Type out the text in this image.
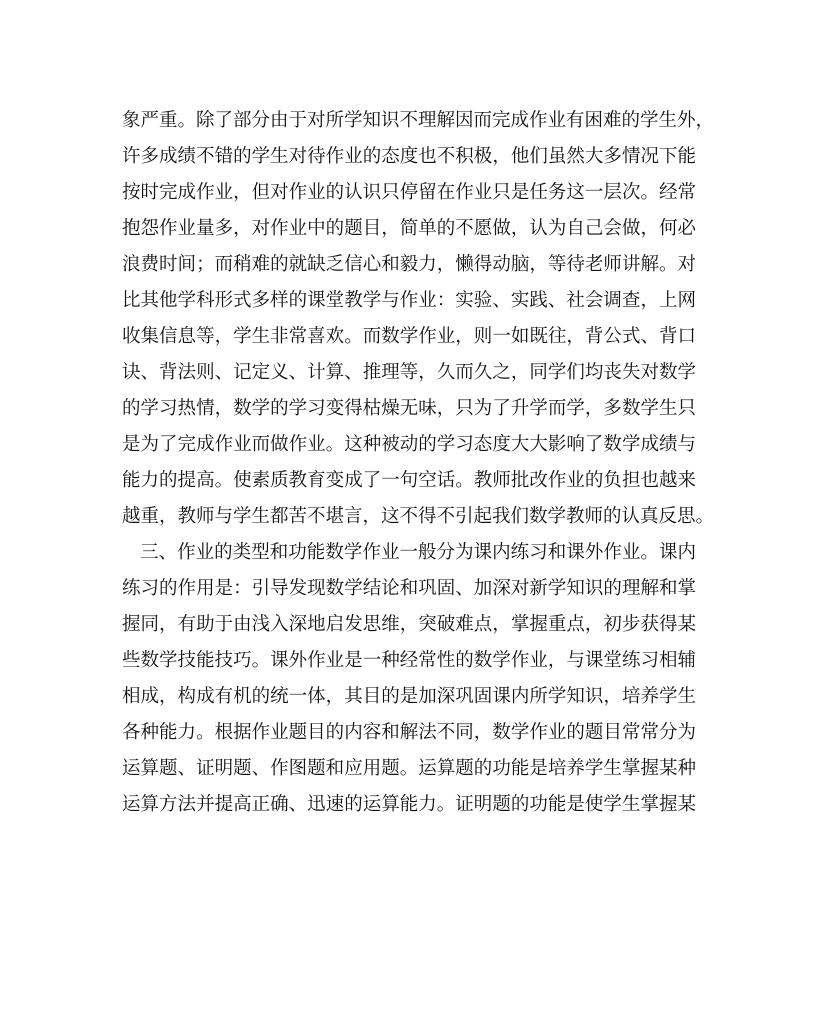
象严重。除了部分由于对所学知识不理解因而完成作业有困难的学生外，
许多成绩不错的学生对待作业的态度也不积极，他们虽然大多情况下能
按时完成作业，但对作业的认识只停留在作业只是任务这一层次。经常
抱怨作业量多，对作业中的题目，简单的不愿做，认为自己会做，何必
浪费时间；而稍难的就缺乏信心和毅力，懒得动脑，等待老师讲解。对
比其他学科形式多样的课堂教学与作业：实验、实践、社会调查，上网
收集信息等，学生非常喜欢。而数学作业，则一如既往，背公式、背口
诀、背法则、记定义、计算、推理等，久而久之，同学们均丧失对数学
的学习热情，数学的学习变得枯燥无味，只为了升学而学，多数学生只
是为了完成作业而做作业。这种被动的学习态度大大影响了数学成绩与
能力的提高。使素质教育变成了一句空话。教师批改作业的负担也越来
越重，教师与学生都苦不堪言，这不得不引起我们数学教师的认真反思。
三、作业的类型和功能数学作业一般分为课内练习和课外作业。课内
练习的作用是：引导发现数学结论和巩固、加深对新学知识的理解和掌
握同，有助于由浅入深地启发思维，突破难点，掌握重点，初步获得某
些数学技能技巧。课外作业是一种经常性的数学作业，与课堂练习相辅
相成，构成有机的统一体，其目的是加深巩固课内所学知识，培养学生
各种能力。根据作业题目的内容和解法不同，数学作业的题目常常分为
运算题、证明题、作图题和应用题。运算题的功能是培养学生掌握某种
运算方法并提高正确、迅速的运算能力。证明题的功能是使学生掌握某
